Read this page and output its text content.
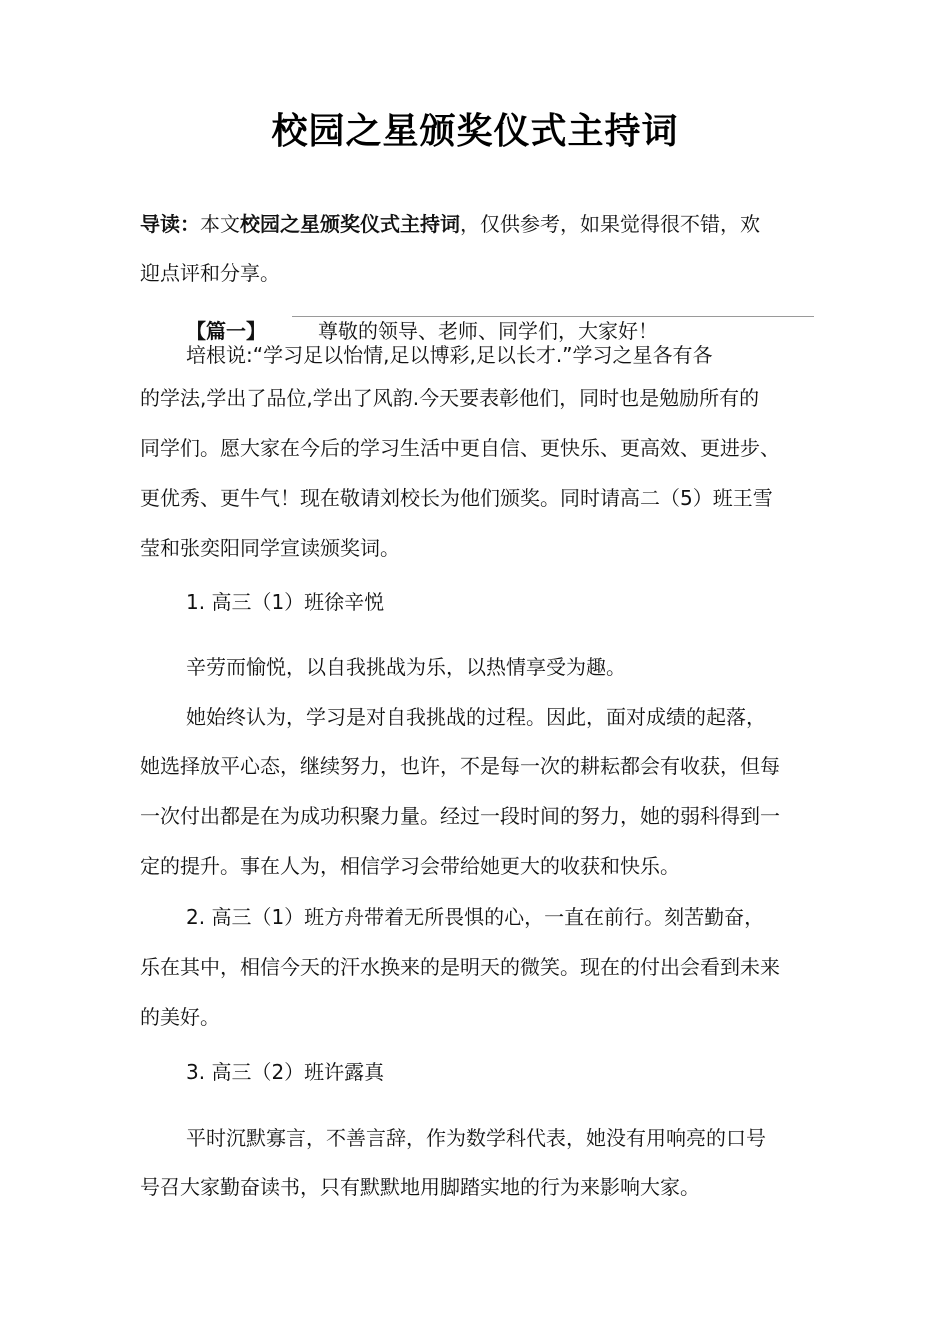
校园之星颁奖仪式主持词
导读：本文校园之星颁奖仪式主持词，仅供参考，如果觉得很不错，欢
迎点评和分享。
【篇一】	尊敬的领导、老师、同学们，大家好！
培根说:“学习足以怡情,足以博彩,足以长才.”学习之星各有各
的学法,学出了品位,学出了风韵.今天要表彰他们，同时也是勉励所有的
同学们。愿大家在今后的学习生活中更自信、更快乐、更高效、更进步、
更优秀、更牛气！现在敬请刘校长为他们颁奖。同时请高二（5）班王雪
莹和张奕阳同学宣读颁奖词。
1. 高三（1）班徐辛悦
辛劳而愉悦，以自我挑战为乐，以热情享受为趣。
她始终认为，学习是对自我挑战的过程。因此，面对成绩的起落，
她选择放平心态，继续努力，也许，不是每一次的耕耘都会有收获，但每
一次付出都是在为成功积聚力量。经过一段时间的努力，她的弱科得到一
定的提升。事在人为，相信学习会带给她更大的收获和快乐。
2. 高三（1）班方舟带着无所畏惧的心，一直在前行。刻苦勤奋，
乐在其中，相信今天的汗水换来的是明天的微笑。现在的付出会看到未来
的美好。
3. 高三（2）班许露真
平时沉默寡言，不善言辞，作为数学科代表，她没有用响亮的口号
号召大家勤奋读书，只有默默地用脚踏实地的行为来影响大家。
